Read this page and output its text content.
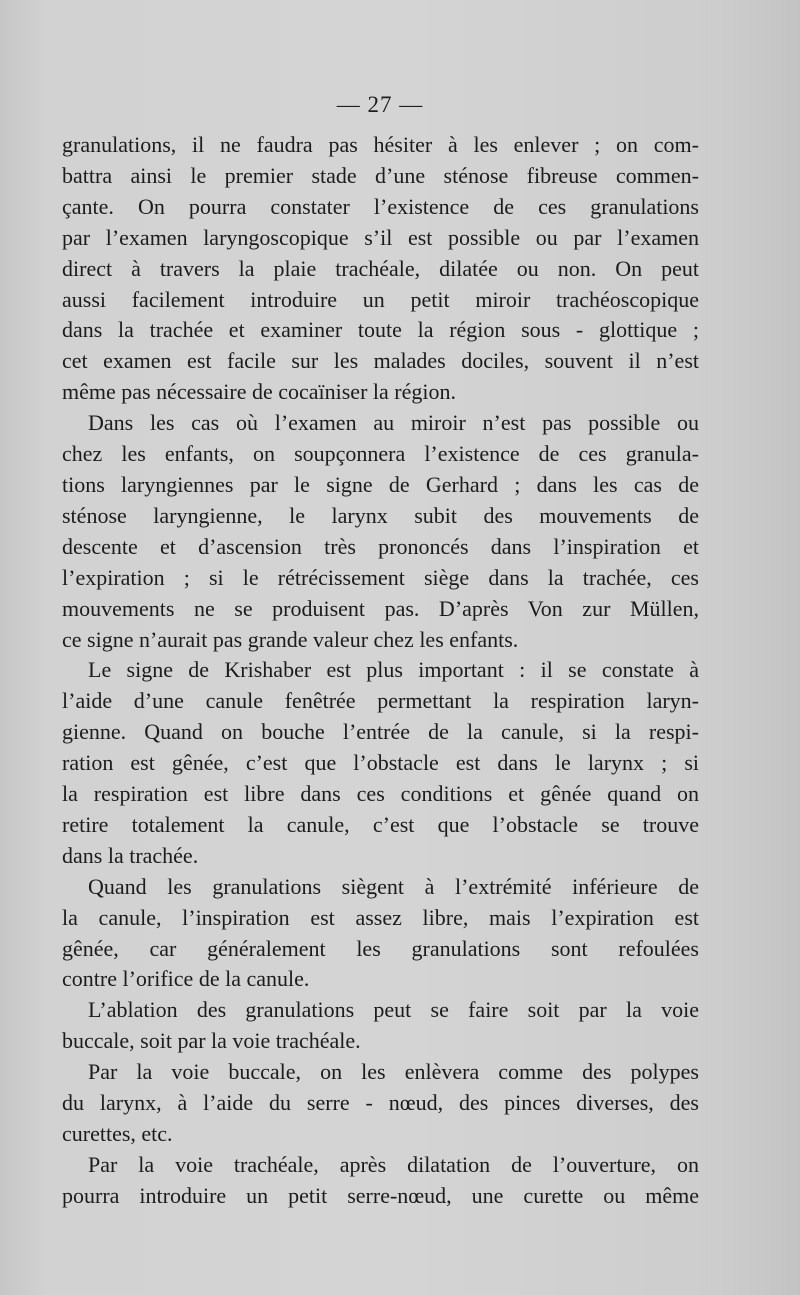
— 27 —
granulations, il ne faudra pas hésiter à les enlever ; on com-
battra ainsi le premier stade d’une sténose fibreuse commen-
çante. On pourra constater l’existence de ces granulations
par l’examen laryngoscopique s’il est possible ou par l’examen
direct à travers la plaie trachéale, dilatée ou non. On peut
aussi facilement introduire un petit miroir trachéoscopique
dans la trachée et examiner toute la région sous - glottique ;
cet examen est facile sur les malades dociles, souvent il n’est
même pas nécessaire de cocaïniser la région.
Dans les cas où l’examen au miroir n’est pas possible ou
chez les enfants, on soupçonnera l’existence de ces granula-
tions laryngiennes par le signe de Gerhard ; dans les cas de
sténose laryngienne, le larynx subit des mouvements de
descente et d’ascension très prononcés dans l’inspiration et
l’expiration ; si le rétrécissement siège dans la trachée, ces
mouvements ne se produisent pas. D’après Von zur Müllen,
ce signe n’aurait pas grande valeur chez les enfants.
Le signe de Krishaber est plus important : il se constate à
l’aide d’une canule fenêtrée permettant la respiration laryn-
gienne. Quand on bouche l’entrée de la canule, si la respi-
ration est gênée, c’est que l’obstacle est dans le larynx ; si
la respiration est libre dans ces conditions et gênée quand on
retire totalement la canule, c’est que l’obstacle se trouve
dans la trachée.
Quand les granulations siègent à l’extrémité inférieure de
la canule, l’inspiration est assez libre, mais l’expiration est
gênée, car généralement les granulations sont refoulées
contre l’orifice de la canule.
L’ablation des granulations peut se faire soit par la voie
buccale, soit par la voie trachéale.
Par la voie buccale, on les enlèvera comme des polypes
du larynx, à l’aide du serre - nœud, des pinces diverses, des
curettes, etc.
Par la voie trachéale, après dilatation de l’ouverture, on
pourra introduire un petit serre-nœud, une curette ou même
